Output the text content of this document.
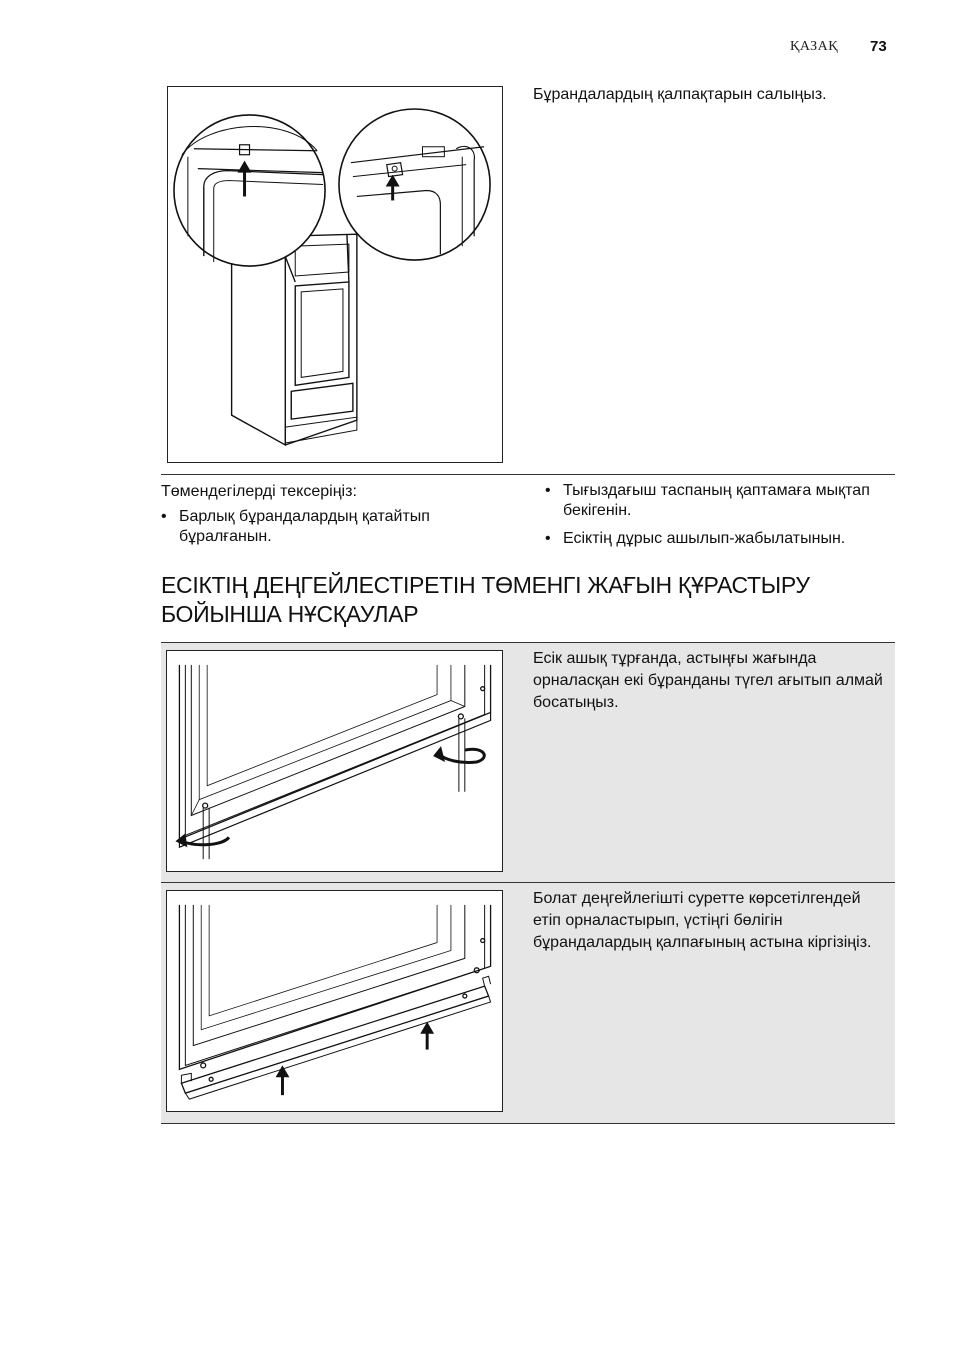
ҚАЗАҚ 73
Бұрандалардың қалпақтарын салыңыз.
Төмендегілерді тексеріңіз:
• Барлық бұрандалардың қатайтып бұралғанын.
• Тығыздағыш таспаның қаптамаға мықтап бекігенін.
• Есіктің дұрыс ашылып-жабылатынын.
ЕСІКТІҢ ДЕҢГЕЙЛЕСТІРЕТІН ТӨМЕНГІ ЖАҒЫН ҚҰРАСТЫРУ БОЙЫНША НҰСҚАУЛАР
Есік ашық тұрғанда, астыңғы жағында орналасқан екі бұранданы түгел ағытып алмай босатыңыз.
Болат деңгейлегішті суретте көрсетілгендей етіп орналастырып, үстіңгі бөлігін бұрандалардың қалпағының астына кіргізіңіз.
